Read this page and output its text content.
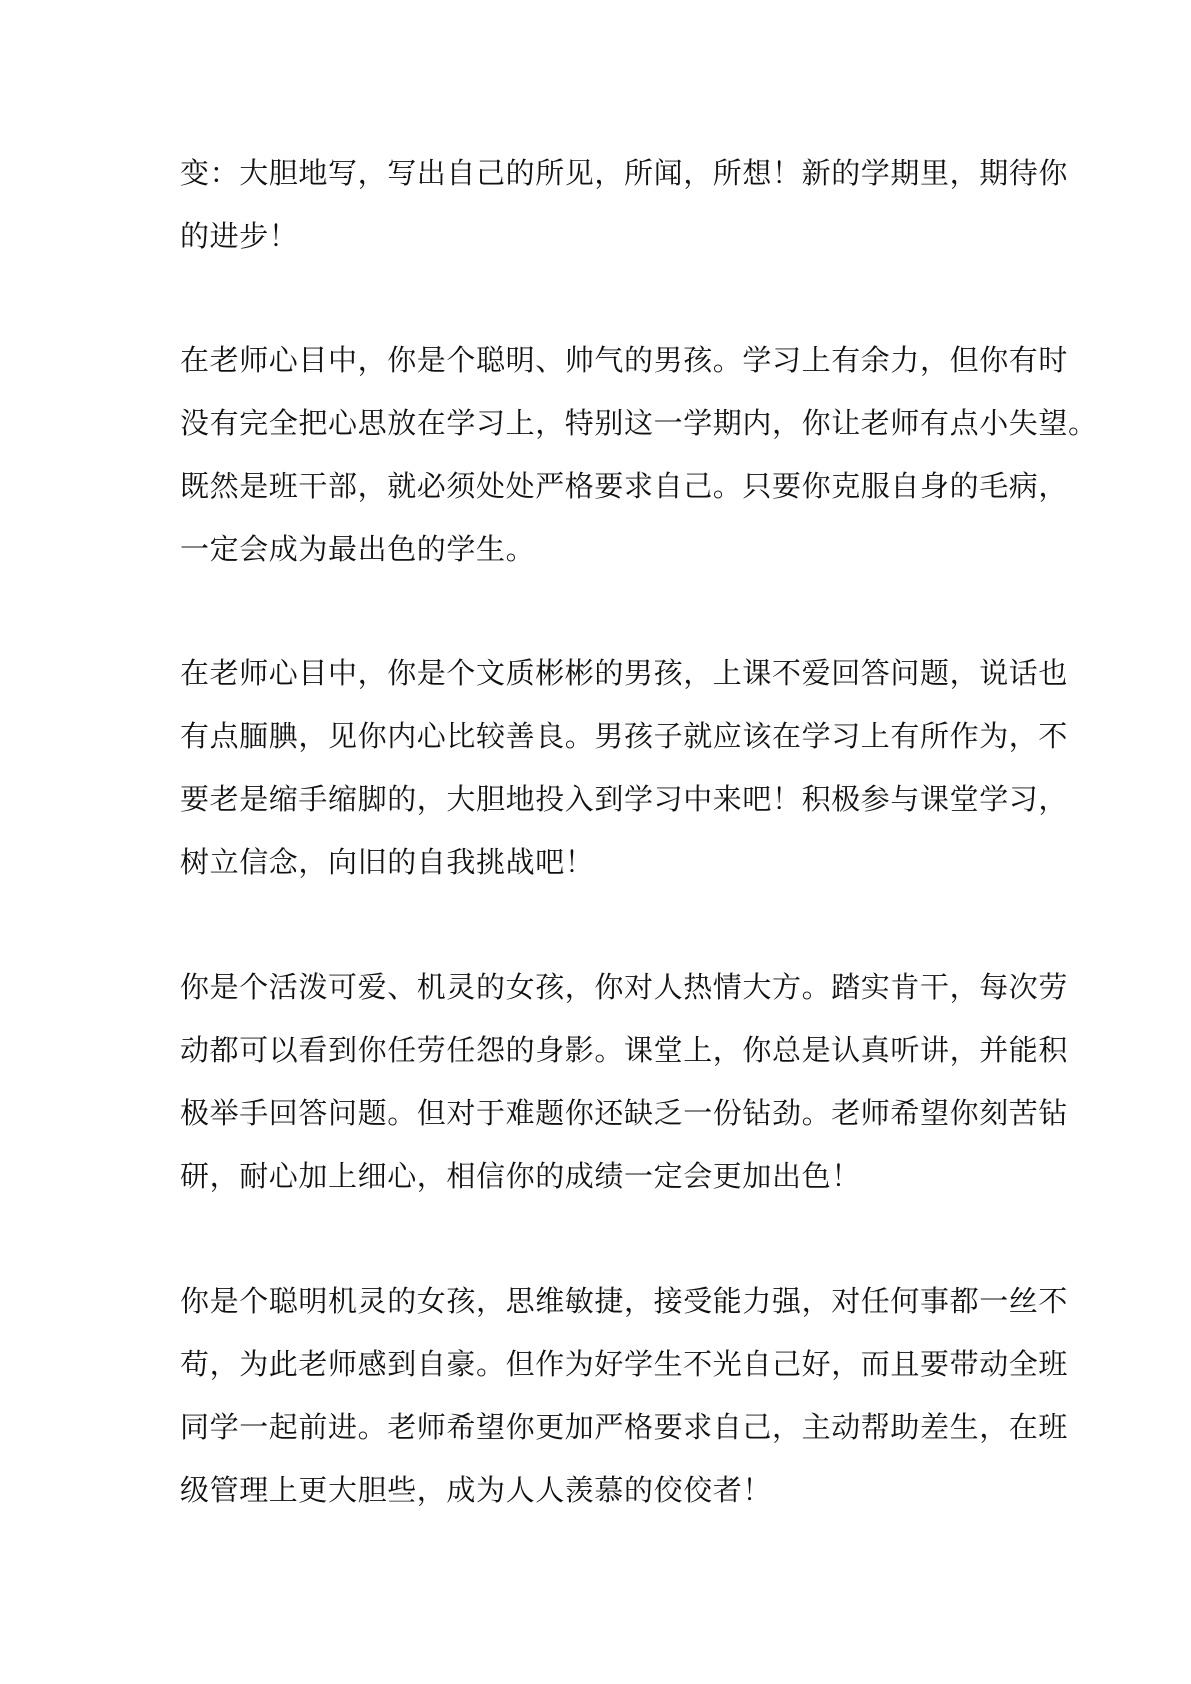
变：大胆地写，写出自己的所见，所闻，所想！新的学期里，期待你
的进步！
在老师心目中，你是个聪明、帅气的男孩。学习上有余力，但你有时
没有完全把心思放在学习上，特别这一学期内，你让老师有点小失望。
既然是班干部，就必须处处严格要求自己。只要你克服自身的毛病，
一定会成为最出色的学生。
在老师心目中，你是个文质彬彬的男孩，上课不爱回答问题，说话也
有点腼腆，见你内心比较善良。男孩子就应该在学习上有所作为，不
要老是缩手缩脚的，大胆地投入到学习中来吧！积极参与课堂学习，
树立信念，向旧的自我挑战吧！
你是个活泼可爱、机灵的女孩，你对人热情大方。踏实肯干，每次劳
动都可以看到你任劳任怨的身影。课堂上，你总是认真听讲，并能积
极举手回答问题。但对于难题你还缺乏一份钻劲。老师希望你刻苦钻
研，耐心加上细心，相信你的成绩一定会更加出色！
你是个聪明机灵的女孩，思维敏捷，接受能力强，对任何事都一丝不
苟，为此老师感到自豪。但作为好学生不光自己好，而且要带动全班
同学一起前进。老师希望你更加严格要求自己，主动帮助差生，在班
级管理上更大胆些，成为人人羡慕的佼佼者！
